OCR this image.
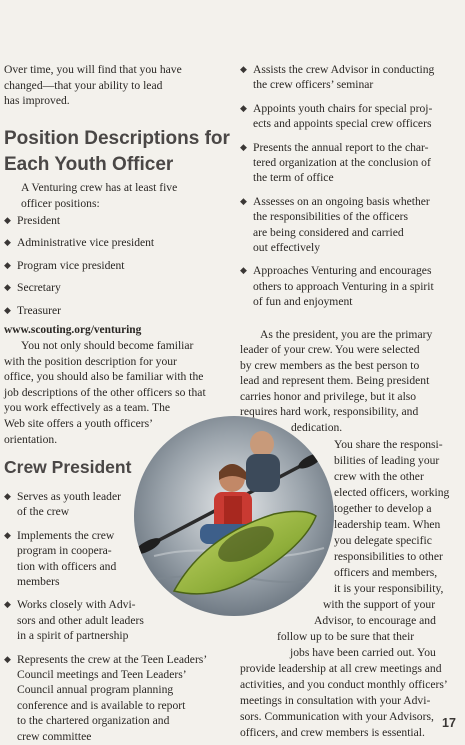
Over time, you will find that you have

changed—that your ability to lead

has improved.

Position Descriptions for

Each Youth Officer

A Venturing crew has at least five

officer positions:

◆ President
◆ Administrative vice president
◆ Program vice president
◆ Secretary
◆ Treasurer

www.scouting.org/venturing

You not only should become familiar

with the position description for your

office, you should also be familiar with the

job descriptions of the other officers so that

you work effectively as a team. The

Web site offers a youth officers’

orientation.

Crew President

◆ Serves as youth leader
of the crew
◆ Implements the crew
program in coopera-
tion with officers and
members
◆ Works closely with Advi-
sors and other adult leaders
in a spirit of partnership
◆ Represents the crew at the Teen Leaders’
Council meetings and Teen Leaders’
Council annual program planning
conference and is available to report
to the chartered organization and
crew committee
◆ Assists the crew Advisor in conducting
the crew officers’ seminar
◆ Appoints youth chairs for special proj-
ects and appoints special crew officers
◆ Presents the annual report to the char-
tered organization at the conclusion of
the term of office
◆ Assesses on an ongoing basis whether
the responsibilities of the officers
are being considered and carried
out effectively
◆ Approaches Venturing and encourages
others to approach Venturing in a spirit
of fun and enjoyment

As the president, you are the primary

leader of your crew. You were selected

by crew members as the best person to

lead and represent them. Being president

carries honor and privilege, but it also

requires hard work, responsibility, and

dedication.

You share the responsi-

bilities of leading your

crew with the other

elected officers, working

together to develop a

leadership team. When

you delegate specific

responsibilities to other

officers and members,

it is your responsibility,

with the support of your

Advisor, to encourage and

follow up to be sure that their

jobs have been carried out. You

provide leadership at all crew meetings and

activities, and you conduct monthly officers’

meetings in consultation with your Advi-

sors. Communication with your Advisors,

officers, and crew members is essential.

17
